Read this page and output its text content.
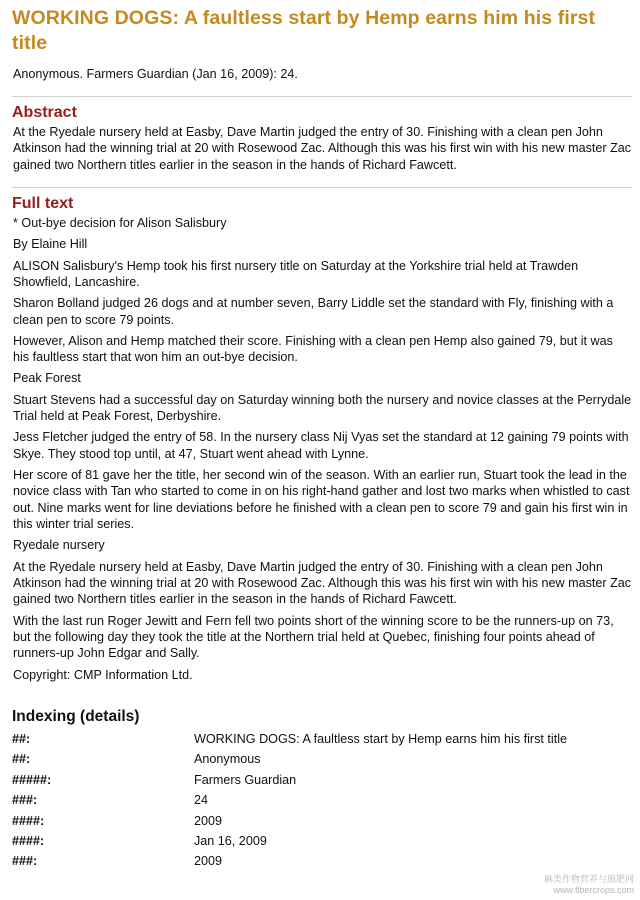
WORKING DOGS: A faultless start by Hemp earns him his first title
Anonymous. Farmers Guardian (Jan 16, 2009): 24.
Abstract

At the Ryedale nursery held at Easby, Dave Martin judged the entry of 30. Finishing with a clean pen John Atkinson had the winning trial at 20 with Rosewood Zac. Although this was his first win with his new master Zac gained two Northern titles earlier in the season in the hands of Richard Fawcett.

Full text

* Out-bye decision for Alison Salisbury

By Elaine Hill

ALISON Salisbury's Hemp took his first nursery title on Saturday at the Yorkshire trial held at Trawden Showfield, Lancashire.

Sharon Bolland judged 26 dogs and at number seven, Barry Liddle set the standard with Fly, finishing with a clean pen to score 79 points.

However, Alison and Hemp matched their score. Finishing with a clean pen Hemp also gained 79, but it was his faultless start that won him an out-bye decision.

Peak Forest

Stuart Stevens had a successful day on Saturday winning both the nursery and novice classes at the Perrydale Trial held at Peak Forest, Derbyshire.

Jess Fletcher judged the entry of 58. In the nursery class Nij Vyas set the standard at 12 gaining 79 points with Skye. They stood top until, at 47, Stuart went ahead with Lynne.

Her score of 81 gave her the title, her second win of the season. With an earlier run, Stuart took the lead in the novice class with Tan who started to come in on his right-hand gather and lost two marks when whistled to cast out. Nine marks went for line deviations before he finished with a clean pen to score 79 and gain his first win in this winter trial series.

Ryedale nursery

At the Ryedale nursery held at Easby, Dave Martin judged the entry of 30. Finishing with a clean pen John Atkinson had the winning trial at 20 with Rosewood Zac. Although this was his first win with his new master Zac gained two Northern titles earlier in the season in the hands of Richard Fawcett.

With the last run Roger Jewitt and Fern fell two points short of the winning score to be the runners-up on 73, but the following day they took the title at the Northern trial held at Quebec, finishing four points ahead of runners-up John Edgar and Sally.

Copyright: CMP Information Ltd.

Indexing (details)
##:	WORKING DOGS: A faultless start by Hemp earns him his first title
##:	Anonymous
#####:	Farmers Guardian
###:	24
####:	2009
####:	Jan 16, 2009
###:	2009
麻类作物营养与施肥网
www.fibercrops.com
